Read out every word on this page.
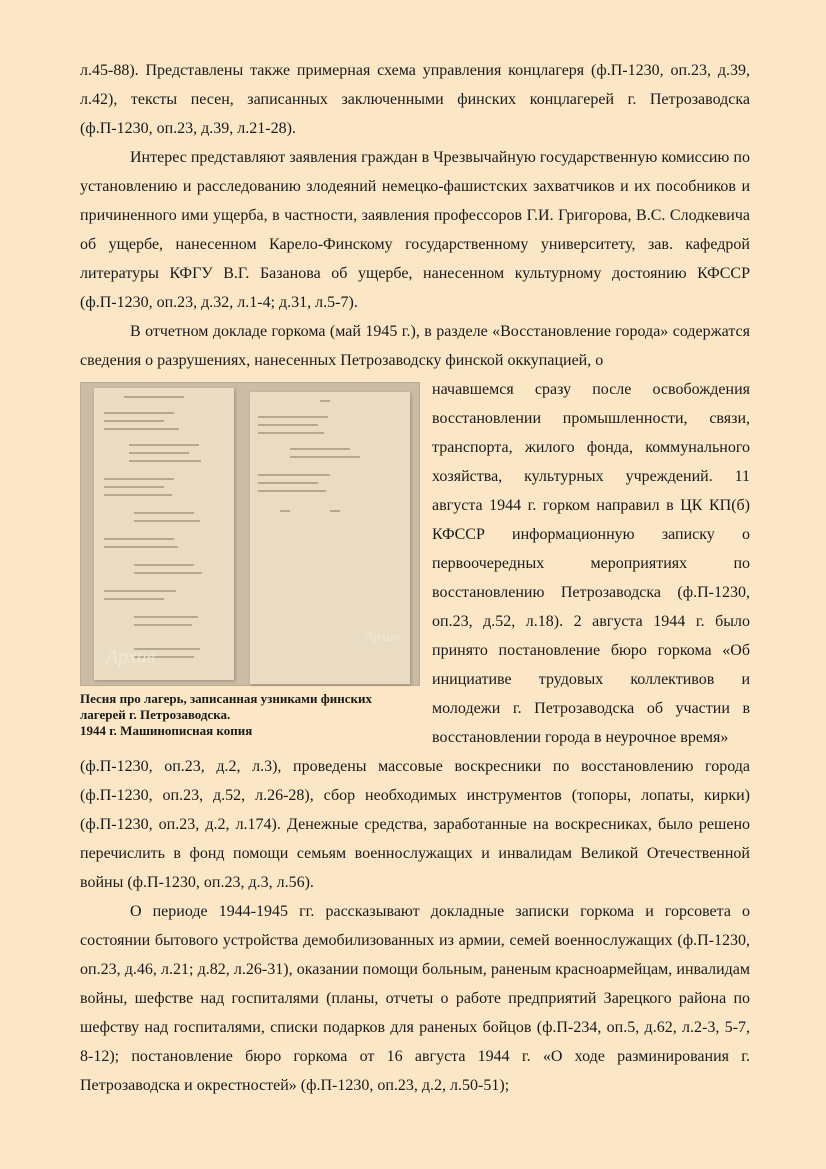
л.45-88). Представлены также примерная схема управления концлагеря (ф.П-1230, оп.23, д.39, л.42), тексты песен, записанных заключенными финских концлагерей г. Петрозаводска (ф.П-1230, оп.23, д.39, л.21-28).

Интерес представляют заявления граждан в Чрезвычайную государственную комиссию по установлению и расследованию злодеяний немецко-фашистских захватчиков и их пособников и причиненного ими ущерба, в частности, заявления профессоров Г.И. Григорова, В.С. Слодкевича об ущербе, нанесенном Карело-Финскому государственному университету, зав. кафедрой литературы КФГУ В.Г. Базанова об ущербе, нанесенном культурному достоянию КФССР (ф.П-1230, оп.23, д.32, л.1-4; д.31, л.5-7).

В отчетном докладе горкома (май 1945 г.), в разделе «Восстановление города» содержатся сведения о разрушениях, нанесенных Петрозаводску финской оккупацией, о

Архив
Архив
Песня про лагерь, записанная узниками финских
лагерей г. Петрозаводска.
1944 г. Машинописная копия

начавшемся сразу после освобождения восстановлении промышленности, связи, транспорта, жилого фонда, коммунального хозяйства, культурных учреждений. 11 августа 1944 г. горком направил в ЦК КП(б) КФССР информационную записку о первоочередных мероприятиях по восстановлению Петрозаводска (ф.П-1230, оп.23, д.52, л.18). 2 августа 1944 г. было принято постановление бюро горкома «Об инициативе трудовых коллективов и молодежи г. Петрозаводска об участии в восстановлении города в неурочное время»

(ф.П-1230, оп.23, д.2, л.3), проведены массовые воскресники по восстановлению города (ф.П-1230, оп.23, д.52, л.26-28), сбор необходимых инструментов (топоры, лопаты, кирки) (ф.П-1230, оп.23, д.2, л.174). Денежные средства, заработанные на воскресниках, было решено перечислить в фонд помощи семьям военнослужащих и инвалидам Великой Отечественной войны (ф.П-1230, оп.23, д.3, л.56).

О периоде 1944-1945 гг. рассказывают докладные записки горкома и горсовета о состоянии бытового устройства демобилизованных из армии, семей военнослужащих (ф.П-1230, оп.23, д.46, л.21; д.82, л.26-31), оказании помощи больным, раненым красноармейцам, инвалидам войны, шефстве над госпиталями (планы, отчеты о работе предприятий Зарецкого района по шефству над госпиталями, списки подарков для раненых бойцов (ф.П-234, оп.5, д.62, л.2-3, 5-7, 8-12); постановление бюро горкома от 16 августа 1944 г. «О ходе разминирования г. Петрозаводска и окрестностей» (ф.П-1230, оп.23, д.2, л.50-51);
